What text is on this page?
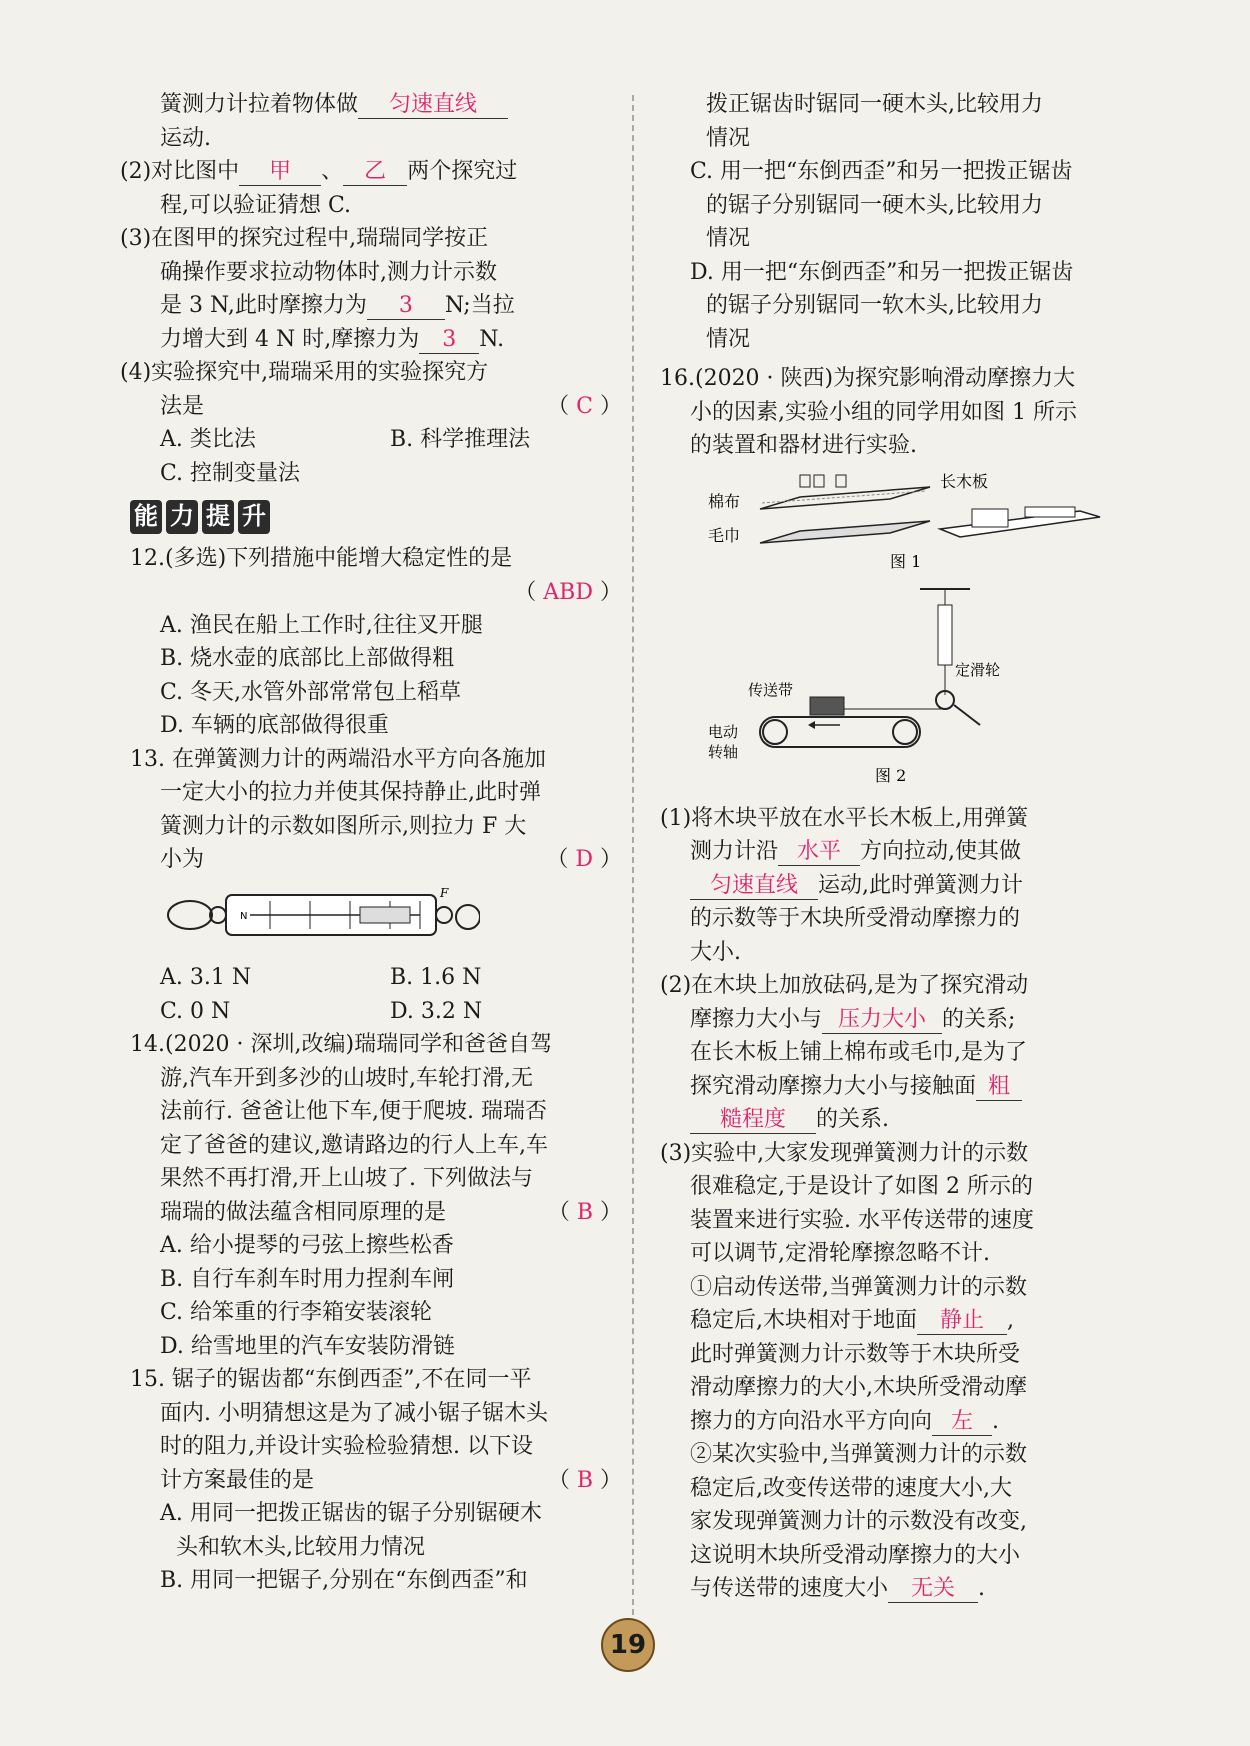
簧测力计拉着物体做 匀速直线
运动.
(2)对比图中 甲 、 乙 两个探究过
程,可以验证猜想 C.
(3)在图甲的探究过程中,瑞瑞同学按正
确操作要求拉动物体时,测力计示数
是 3 N,此时摩擦力为 3 N;当拉
力增大到 4 N 时,摩擦力为 3 N.
(4)实验探究中,瑞瑞采用的实验探究方
法是	（ C ）
A. 类比法	B. 科学推理法
C. 控制变量法
能 力 提 升
12.(多选)下列措施中能增大稳定性的是
（ ABD ）
A. 渔民在船上工作时,往往叉开腿
B. 烧水壶的底部比上部做得粗
C. 冬天,水管外部常常包上稻草
D. 车辆的底部做得很重
13. 在弹簧测力计的两端沿水平方向各施加
一定大小的拉力并使其保持静止,此时弹
簧测力计的示数如图所示,则拉力 F 大
小为	（ D ）
N
F
A. 3.1 N	B. 1.6 N
C. 0 N	D. 3.2 N
14.(2020 · 深圳,改编)瑞瑞同学和爸爸自驾
游,汽车开到多沙的山坡时,车轮打滑,无
法前行. 爸爸让他下车,便于爬坡. 瑞瑞否
定了爸爸的建议,邀请路边的行人上车,车
果然不再打滑,开上山坡了. 下列做法与
瑞瑞的做法蕴含相同原理的是	（ B ）
A. 给小提琴的弓弦上擦些松香
B. 自行车刹车时用力捏刹车闸
C. 给笨重的行李箱安装滚轮
D. 给雪地里的汽车安装防滑链
15. 锯子的锯齿都“东倒西歪”,不在同一平
面内. 小明猜想这是为了减小锯子锯木头
时的阻力,并设计实验检验猜想. 以下设
计方案最佳的是	（ B ）
A. 用同一把拨正锯齿的锯子分别锯硬木
头和软木头,比较用力情况
B. 用同一把锯子,分别在“东倒西歪”和
拨正锯齿时锯同一硬木头,比较用力
情况
C. 用一把“东倒西歪”和另一把拨正锯齿
的锯子分别锯同一硬木头,比较用力
情况
D. 用一把“东倒西歪”和另一把拨正锯齿
的锯子分别锯同一软木头,比较用力
情况
16.(2020 · 陕西)为探究影响滑动摩擦力大
小的因素,实验小组的同学用如图 1 所示
的装置和器材进行实验.
棉布
毛巾
长木板
图 1
定滑轮
传送带
电动
转轴
图 2
(1)将木块平放在水平长木板上,用弹簧
测力计沿 水平 方向拉动,使其做
匀速直线 运动,此时弹簧测力计
的示数等于木块所受滑动摩擦力的
大小.
(2)在木块上加放砝码,是为了探究滑动
摩擦力大小与 压力大小 的关系;
在长木板上铺上棉布或毛巾,是为了
探究滑动摩擦力大小与接触面 粗
糙程度 的关系.
(3)实验中,大家发现弹簧测力计的示数
很难稳定,于是设计了如图 2 所示的
装置来进行实验. 水平传送带的速度
可以调节,定滑轮摩擦忽略不计.
①启动传送带,当弹簧测力计的示数
稳定后,木块相对于地面 静止 ,
此时弹簧测力计示数等于木块所受
滑动摩擦力的大小,木块所受滑动摩
擦力的方向沿水平方向向 左 .
②某次实验中,当弹簧测力计的示数
稳定后,改变传送带的速度大小,大
家发现弹簧测力计的示数没有改变,
这说明木块所受滑动摩擦力的大小
与传送带的速度大小 无关 .
19
